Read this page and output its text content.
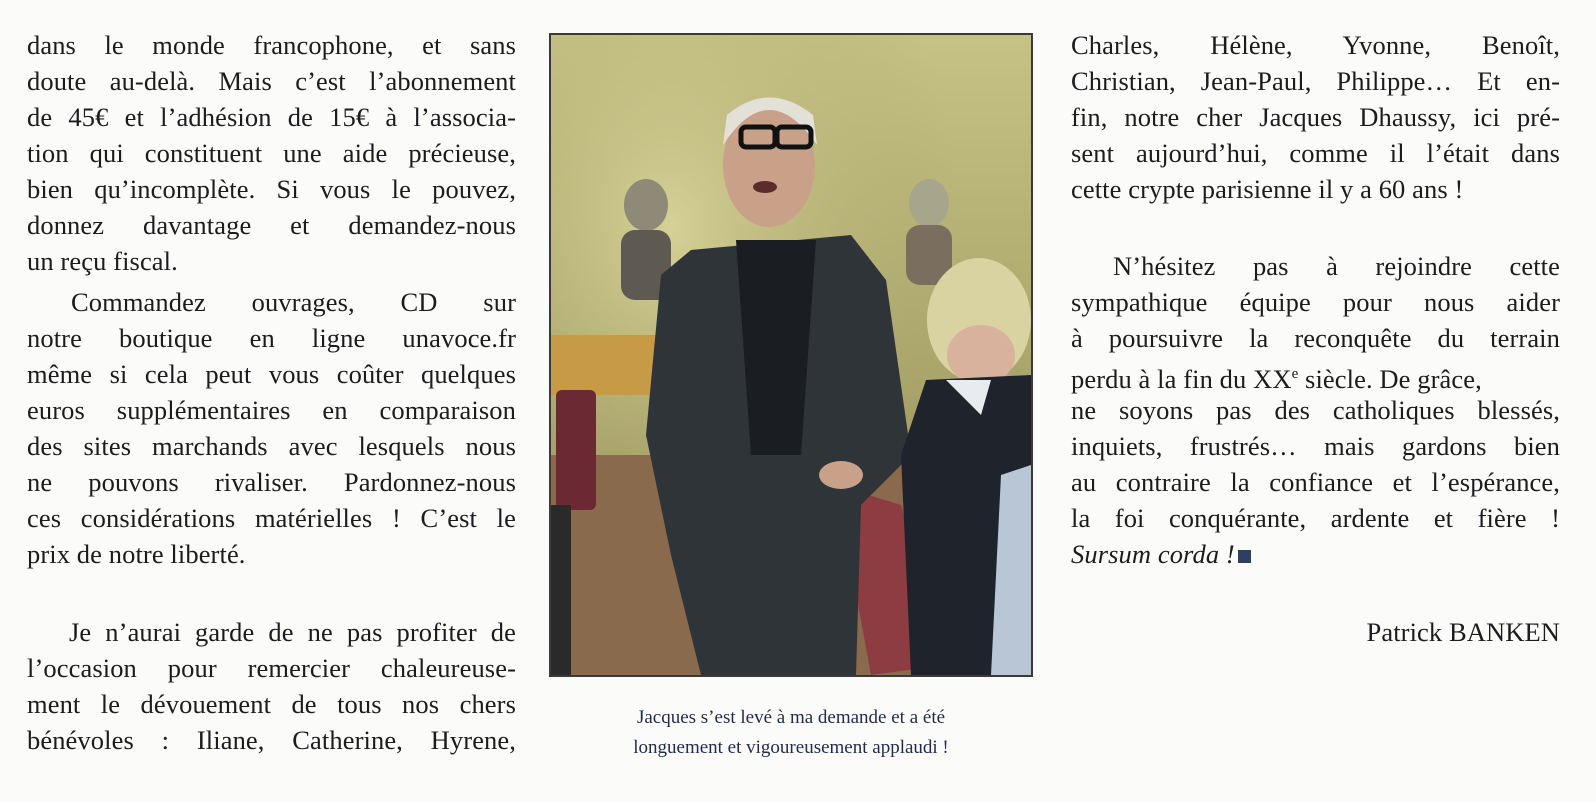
dans le monde francophone, et sans
doute au-delà. Mais c’est l’abonnement
de 45€ et l’adhésion de 15€ à l’associa-
tion qui constituent une aide précieuse,
bien qu’incomplète. Si vous le pouvez,
donnez davantage et demandez-nous
un reçu fiscal.
Commandez ouvrages, CD sur
notre boutique en ligne unavoce.fr
même si cela peut vous coûter quelques
euros supplémentaires en comparaison
des sites marchands avec lesquels nous
ne pouvons rivaliser. Pardonnez-nous
ces considérations matérielles ! C’est le
prix de notre liberté.
Je n’aurai garde de ne pas profiter de
l’occasion pour remercier chaleureuse-
ment le dévouement de tous nos chers
bénévoles : Iliane, Catherine, Hyrene,
Jacques s’est levé à ma demande et a été
longuement et vigoureusement applaudi !
Charles, Hélène, Yvonne, Benoît,
Christian, Jean-Paul, Philippe… Et en-
fin, notre cher Jacques Dhaussy, ici pré-
sent aujourd’hui, comme il l’était dans
cette crypte parisienne il y a 60 ans !
N’hésitez pas à rejoindre cette
sympathique équipe pour nous aider
à poursuivre la reconquête du terrain
perdu à la fin du XXe siècle. De grâce,
ne soyons pas des catholiques blessés,
inquiets, frustrés… mais gardons bien
au contraire la confiance et l’espérance,
la foi conquérante, ardente et fière !
Sursum corda !
Patrick BANKEN
